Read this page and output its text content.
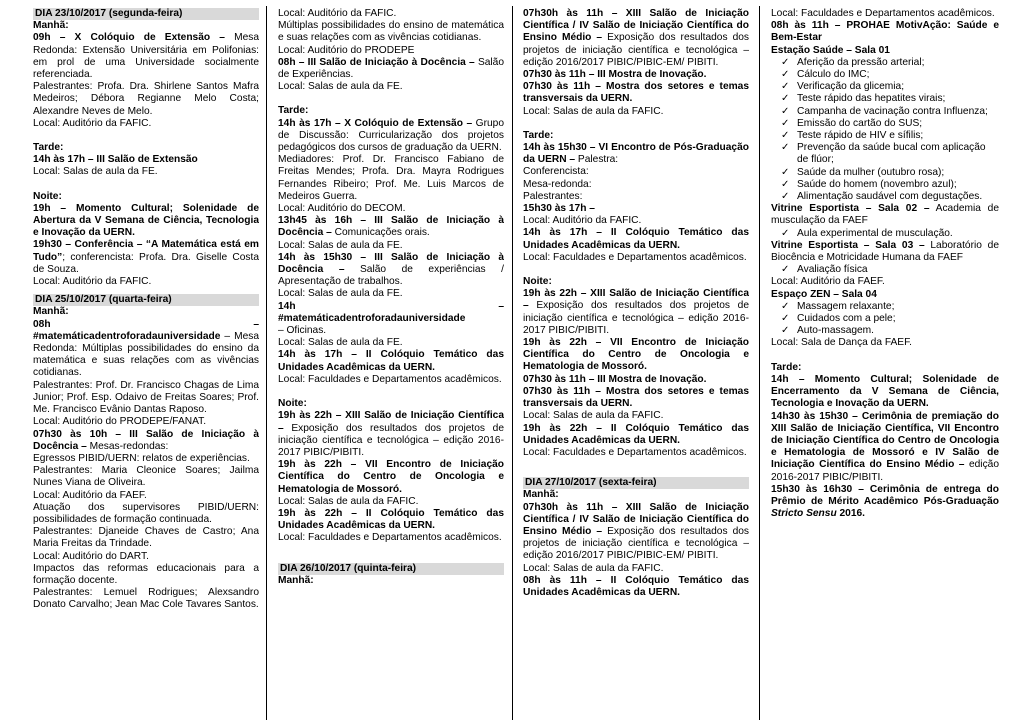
DIA 23/10/2017 (segunda-feira)
Manhã:

09h – X Colóquio de Extensão – Mesa Redonda: Extensão Universitária em Polifonias: em prol de uma Universidade socialmente referenciada.

Palestrantes: Profa. Dra. Shirlene Santos Mafra Medeiros; Débora Regianne Melo Costa; Alexandre Neves de Melo.

Local: Auditório da FAFIC.

Tarde:

14h às 17h – III Salão de Extensão

Local: Salas de aula da FE.

Noite:

19h – Momento Cultural; Solenidade de Abertura da V Semana de Ciência, Tecnologia e Inovação da UERN.

19h30 – Conferência – “A Matemática está em Tudo”; conferencista: Profa. Dra. Giselle Costa de Souza.

Local: Auditório da FAFIC.

DIA 25/10/2017 (quarta-feira)
Manhã:

08h	–

#matemáticadentroforadauniversidade – Mesa Redonda: Múltiplas possibilidades do ensino da matemática e suas relações com as vivências cotidianas.

Palestrantes: Prof. Dr. Francisco Chagas de Lima Junior; Prof. Esp. Odaivo de Freitas Soares; Prof. Me. Francisco Evânio Dantas Raposo.

Local: Auditório do PRODEPE/FANAT.

07h30 às 10h – III Salão de Iniciação à Docência – Mesas-redondas:

Egressos PIBID/UERN: relatos de experiências.

Palestrantes: Maria Cleonice Soares; Jailma Nunes Viana de Oliveira.

Local: Auditório da FAEF.

Atuação dos supervisores PIBID/UERN: possibilidades de formação continuada.

Palestrantes: Djaneide Chaves de Castro; Ana Maria Freitas da Trindade.

Local: Auditório do DART.

Impactos das reformas educacionais para a formação docente.

Palestrantes: Lemuel Rodrigues; Alexsandro Donato Carvalho; Jean Mac Cole Tavares Santos.

Local: Auditório da FAFIC.

Múltiplas possibilidades do ensino de matemática e suas relações com as vivências cotidianas.

Local: Auditório do PRODEPE

08h – III Salão de Iniciação à Docência – Salão de Experiências.

Local: Salas de aula da FE.

Tarde:

14h às 17h – X Colóquio de Extensão – Grupo de Discussão: Curricularização dos projetos pedagógicos dos cursos de graduação da UERN.

Mediadores: Prof. Dr. Francisco Fabiano de Freitas Mendes; Profa. Dra. Mayra Rodrigues Fernandes Ribeiro; Prof. Me. Luis Marcos de Medeiros Guerra.

Local: Auditório do DECOM.

13h45 às 16h – III Salão de Iniciação à Docência – Comunicações orais.

Local: Salas de aula da FE.

14h às 15h30 – III Salão de Iniciação à Docência – Salão de experiências / Apresentação de trabalhos.

Local: Salas de aula da FE.

14h	–

#matemáticadentroforadauniversidade

– Oficinas.

Local: Salas de aula da FE.

14h às 17h – II Colóquio Temático das Unidades Acadêmicas da UERN.

Local: Faculdades e Departamentos acadêmicos.

Noite:

19h às 22h – XIII Salão de Iniciação Científica – Exposição dos resultados dos projetos de iniciação científica e tecnológica – edição 2016-2017 PIBIC/PIBITI.

19h às 22h – VII Encontro de Iniciação Científica do Centro de Oncologia e Hematologia de Mossoró.

Local: Salas de aula da FAFIC.

19h às 22h – II Colóquio Temático das Unidades Acadêmicas da UERN.

Local: Faculdades e Departamentos acadêmicos.

DIA 26/10/2017 (quinta-feira)
Manhã:

07h30h às 11h – XIII Salão de Iniciação Científica / IV Salão de Iniciação Científica do Ensino Médio – Exposição dos resultados dos projetos de iniciação científica e tecnológica – edição 2016/2017 PIBIC/PIBIC-EM/ PIBITI.

07h30 às 11h – III Mostra de Inovação.

07h30 às 11h – Mostra dos setores e temas transversais da UERN.

Local: Salas de aula da FAFIC.

Tarde:

14h às 15h30 – VI Encontro de Pós-Graduação da UERN – Palestra:

Conferencista:

Mesa-redonda:

Palestrantes:

15h30 às 17h –

Local: Auditório da FAFIC.

14h às 17h – II Colóquio Temático das Unidades Acadêmicas da UERN.

Local: Faculdades e Departamentos acadêmicos.

Noite:

19h às 22h – XIII Salão de Iniciação Científica – Exposição dos resultados dos projetos de iniciação científica e tecnológica – edição 2016-2017 PIBIC/PIBITI.

19h às 22h – VII Encontro de Iniciação Científica do Centro de Oncologia e Hematologia de Mossoró.

07h30 às 11h – III Mostra de Inovação.

07h30 às 11h – Mostra dos setores e temas transversais da UERN.

Local: Salas de aula da FAFIC.

19h às 22h – II Colóquio Temático das Unidades Acadêmicas da UERN.

Local: Faculdades e Departamentos acadêmicos.

DIA 27/10/2017 (sexta-feira)
Manhã:

07h30h às 11h – XIII Salão de Iniciação Científica / IV Salão de Iniciação Científica do Ensino Médio – Exposição dos resultados dos projetos de iniciação científica e tecnológica – edição 2016/2017 PIBIC/PIBIC-EM/ PIBITI.

Local: Salas de aula da FAFIC.

08h às 11h – II Colóquio Temático das Unidades Acadêmicas da UERN.

Local: Faculdades e Departamentos acadêmicos.

08h às 11h – PROHAE MotivAção: Saúde e Bem-Estar

Estação Saúde – Sala 01

✓ Aferição da pressão arterial;
✓ Cálculo do IMC;
✓ Verificação da glicemia;
✓ Teste rápido das hepatites virais;
✓ Campanha de vacinação contra Influenza;
✓ Emissão do cartão do SUS;
✓ Teste rápido de HIV e sífilis;
✓ Prevenção da saúde bucal com aplicação de flúor;
✓ Saúde da mulher (outubro rosa);
✓ Saúde do homem (novembro azul);
✓ Alimentação saudável com degustações.

Vitrine Esportista – Sala 02 – Academia de musculação da FAEF

✓ Aula experimental de musculação.

Vitrine Esportista – Sala 03 – Laboratório de Biocência e Motricidade Humana da FAEF

✓ Avaliação física

Local: Auditório da FAEF.

Espaço ZEN – Sala 04

✓ Massagem relaxante;
✓ Cuidados com a pele;
✓ Auto-massagem.

Local: Sala de Dança da FAEF.

Tarde:

14h – Momento Cultural; Solenidade de Encerramento da V Semana de Ciência, Tecnologia e Inovação da UERN.

14h30 às 15h30 – Cerimônia de premiação do XIII Salão de Iniciação Científica, VII Encontro de Iniciação Científica do Centro de Oncologia e Hematologia de Mossoró e IV Salão de Iniciação Científica do Ensino Médio – edição 2016-2017 PIBIC/PIBITI.

15h30 às 16h30 – Cerimônia de entrega do Prêmio de Mérito Acadêmico Pós-Graduação Stricto Sensu 2016.
